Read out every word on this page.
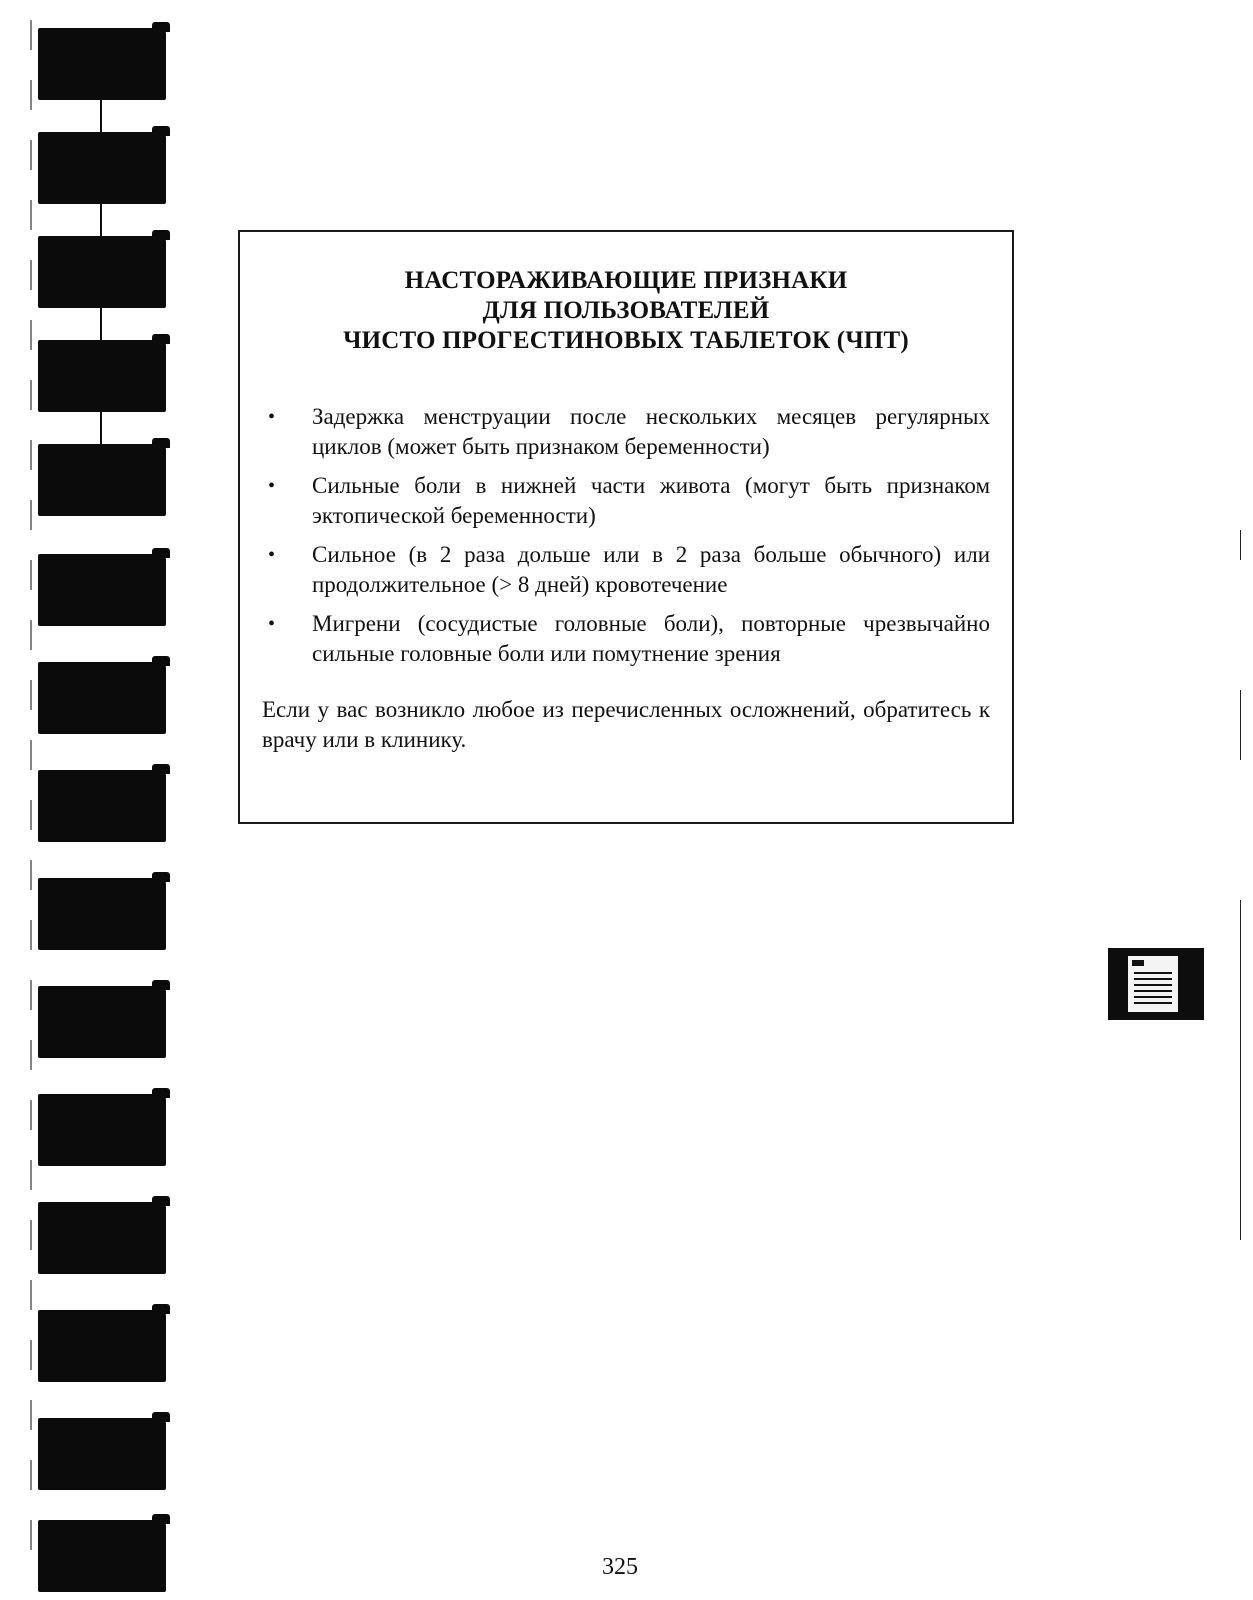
НАСТОРАЖИВАЮЩИЕ ПРИЗНАКИ
ДЛЯ ПОЛЬЗОВАТЕЛЕЙ
ЧИСТО ПРОГЕСТИНОВЫХ ТАБЛЕТОК (ЧПТ)
• Задержка менструации после нескольких месяцев регулярных циклов (может быть признаком беременности)
• Сильные боли в нижней части живота (могут быть признаком эктопической беременности)
• Сильное (в 2 раза дольше или в 2 раза больше обычного) или продолжительное (> 8 дней) кровотечение
• Мигрени (сосудистые головные боли), повторные чрезвычайно сильные головные боли или помутнение зрения
Если у вас возникло любое из перечисленных осложнений, обратитесь к врачу или в клинику.
325
